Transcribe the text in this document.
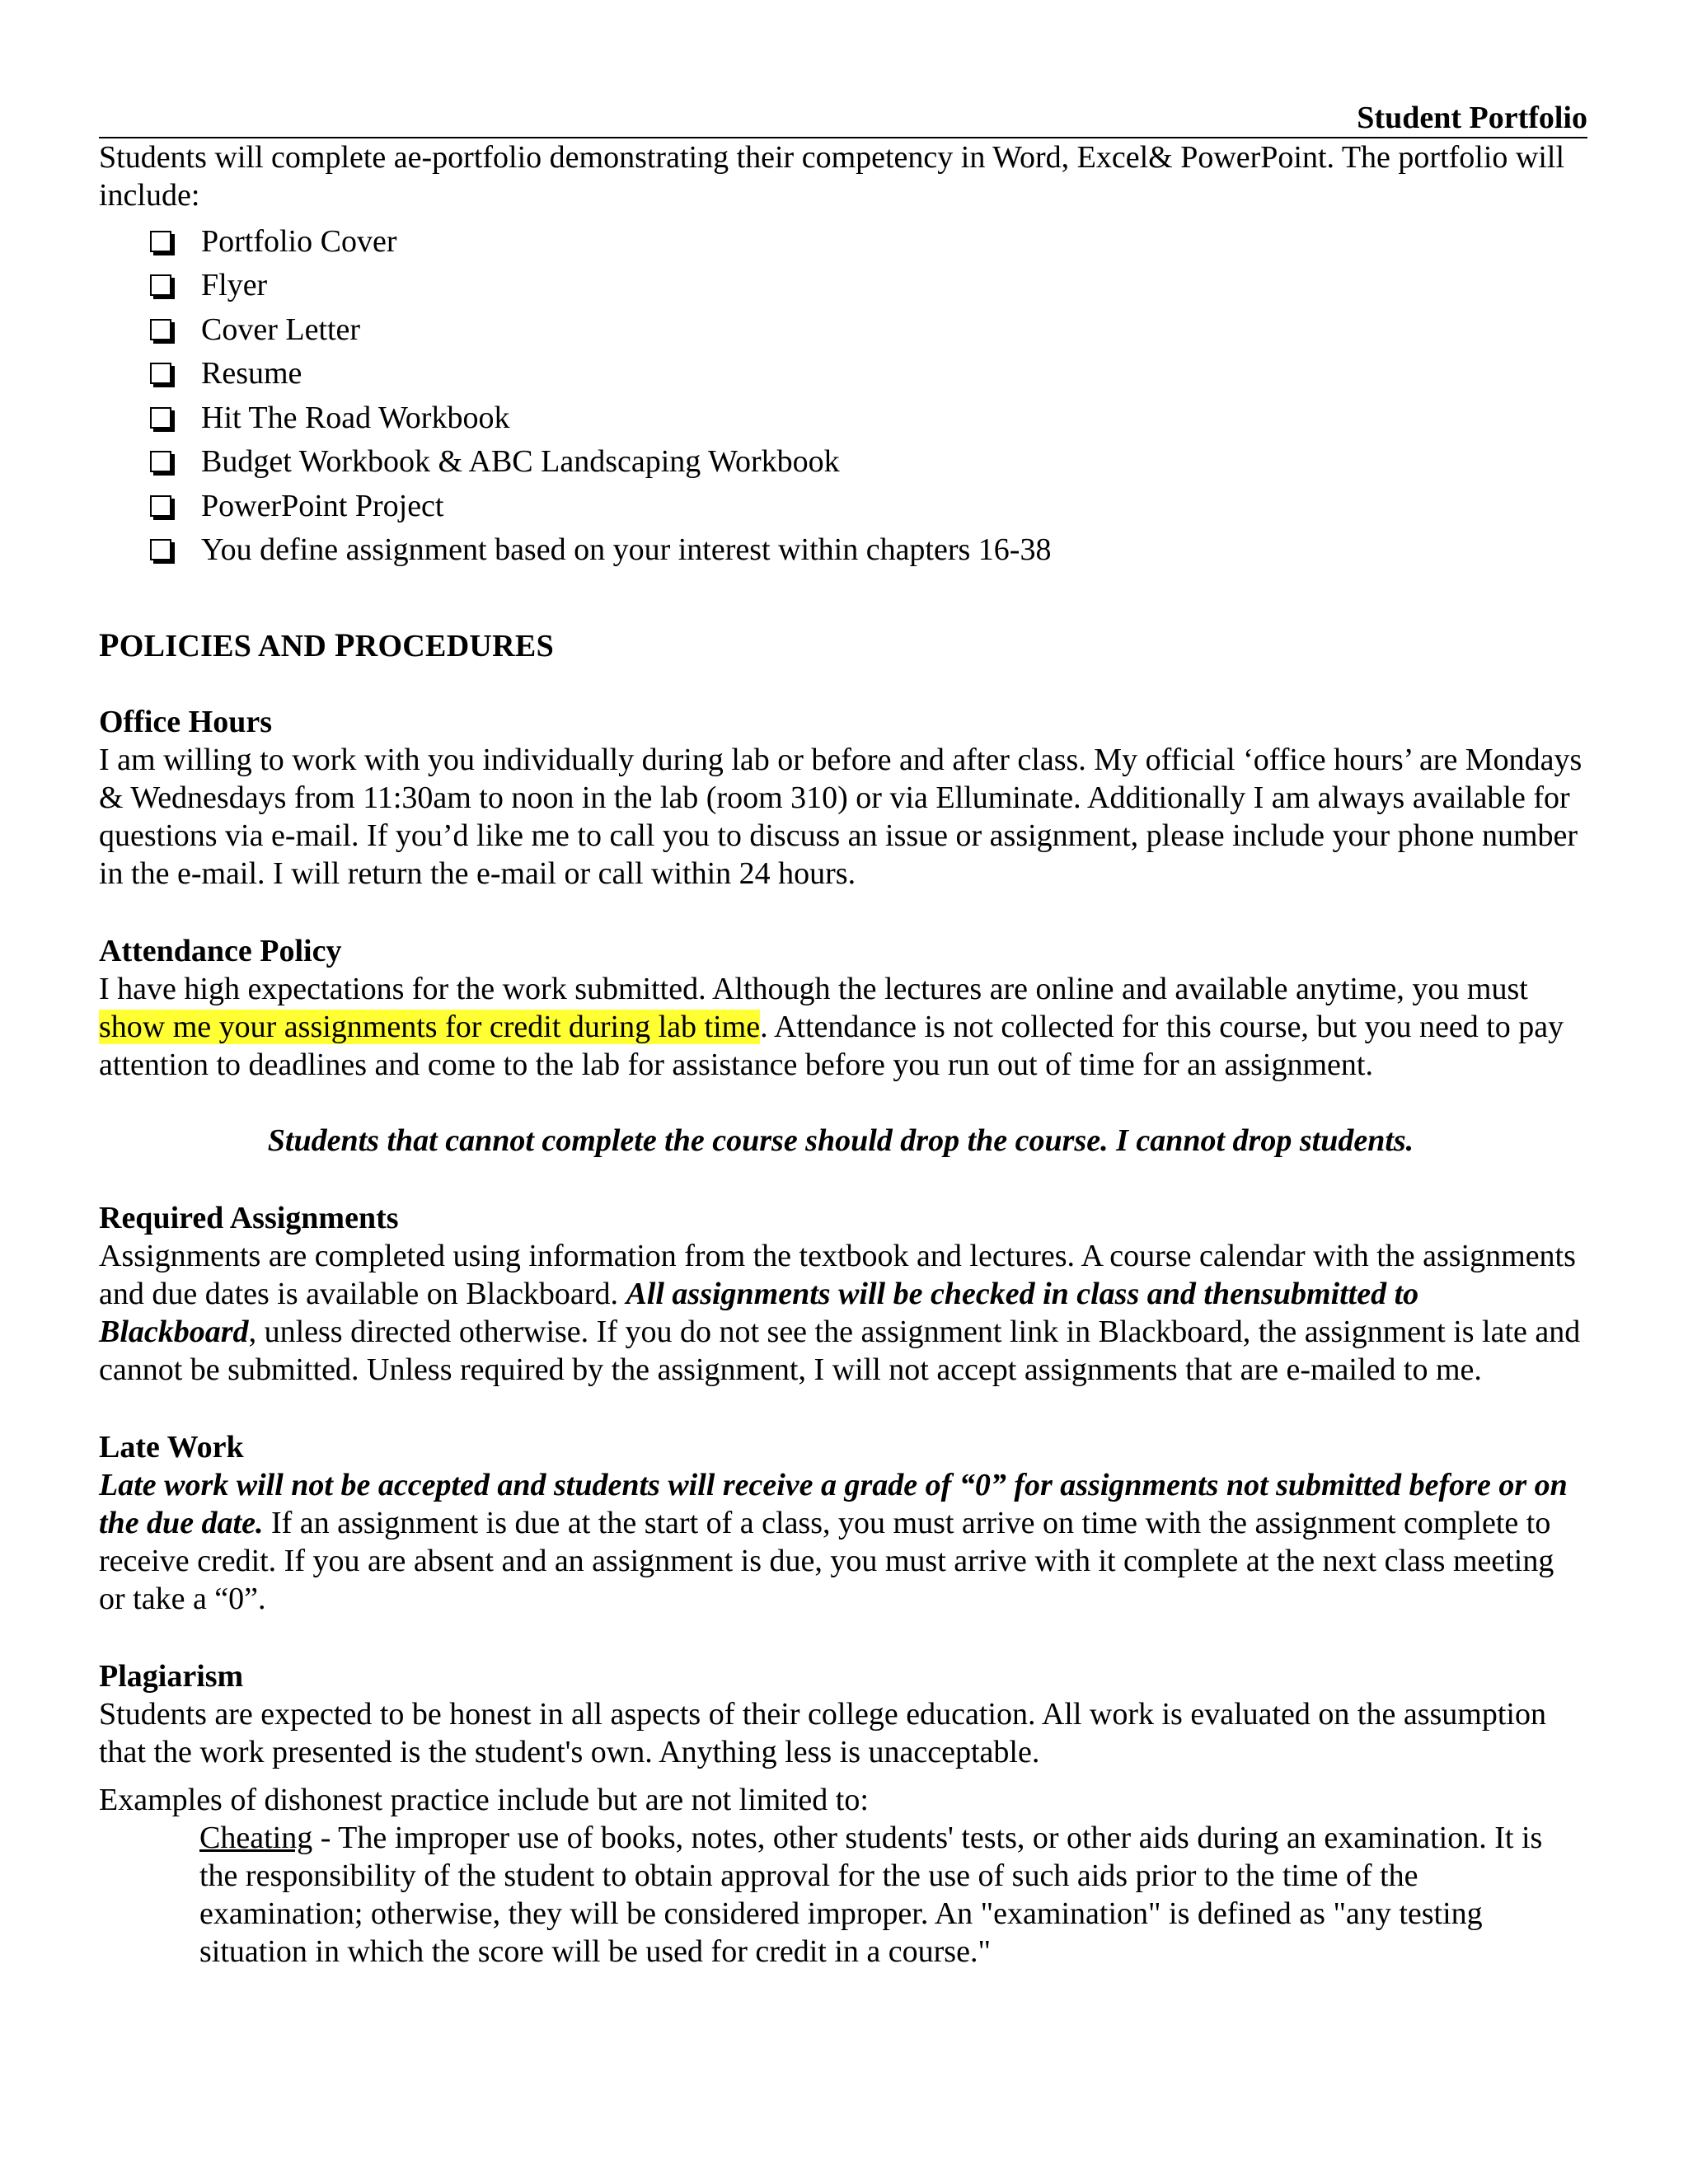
Student Portfolio

Students will complete ae-portfolio demonstrating their competency in Word, Excel& PowerPoint. The portfolio will include:

Portfolio Cover
Flyer
Cover Letter
Resume
Hit The Road Workbook
Budget Workbook & ABC Landscaping Workbook
PowerPoint Project
You define assignment based on your interest within chapters 16-38
POLICIES AND PROCEDURES
Office Hours

I am willing to work with you individually during lab or before and after class. My official ‘office hours’ are Mondays & Wednesdays from 11:30am to noon in the lab (room 310) or via Elluminate. Additionally I am always available for questions via e-mail. If you’d like me to call you to discuss an issue or assignment, please include your phone number in the e-mail. I will return the e-mail or call within 24 hours.

Attendance Policy

I have high expectations for the work submitted. Although the lectures are online and available anytime, you must show me your assignments for credit during lab time. Attendance is not collected for this course, but you need to pay attention to deadlines and come to the lab for assistance before you run out of time for an assignment.

Students that cannot complete the course should drop the course. I cannot drop students.

Required Assignments

Assignments are completed using information from the textbook and lectures. A course calendar with the assignments and due dates is available on Blackboard. All assignments will be checked in class and thensubmitted to Blackboard, unless directed otherwise. If you do not see the assignment link in Blackboard, the assignment is late and cannot be submitted. Unless required by the assignment, I will not accept assignments that are e-mailed to me.

Late Work

Late work will not be accepted and students will receive a grade of “0” for assignments not submitted before or on the due date. If an assignment is due at the start of a class, you must arrive on time with the assignment complete to receive credit. If you are absent and an assignment is due, you must arrive with it complete at the next class meeting or take a “0”.

Plagiarism

Students are expected to be honest in all aspects of their college education. All work is evaluated on the assumption that the work presented is the student's own. Anything less is unacceptable.

Examples of dishonest practice include but are not limited to:

Cheating - The improper use of books, notes, other students' tests, or other aids during an examination. It is the responsibility of the student to obtain approval for the use of such aids prior to the time of the examination; otherwise, they will be considered improper. An "examination" is defined as "any testing situation in which the score will be used for credit in a course."
